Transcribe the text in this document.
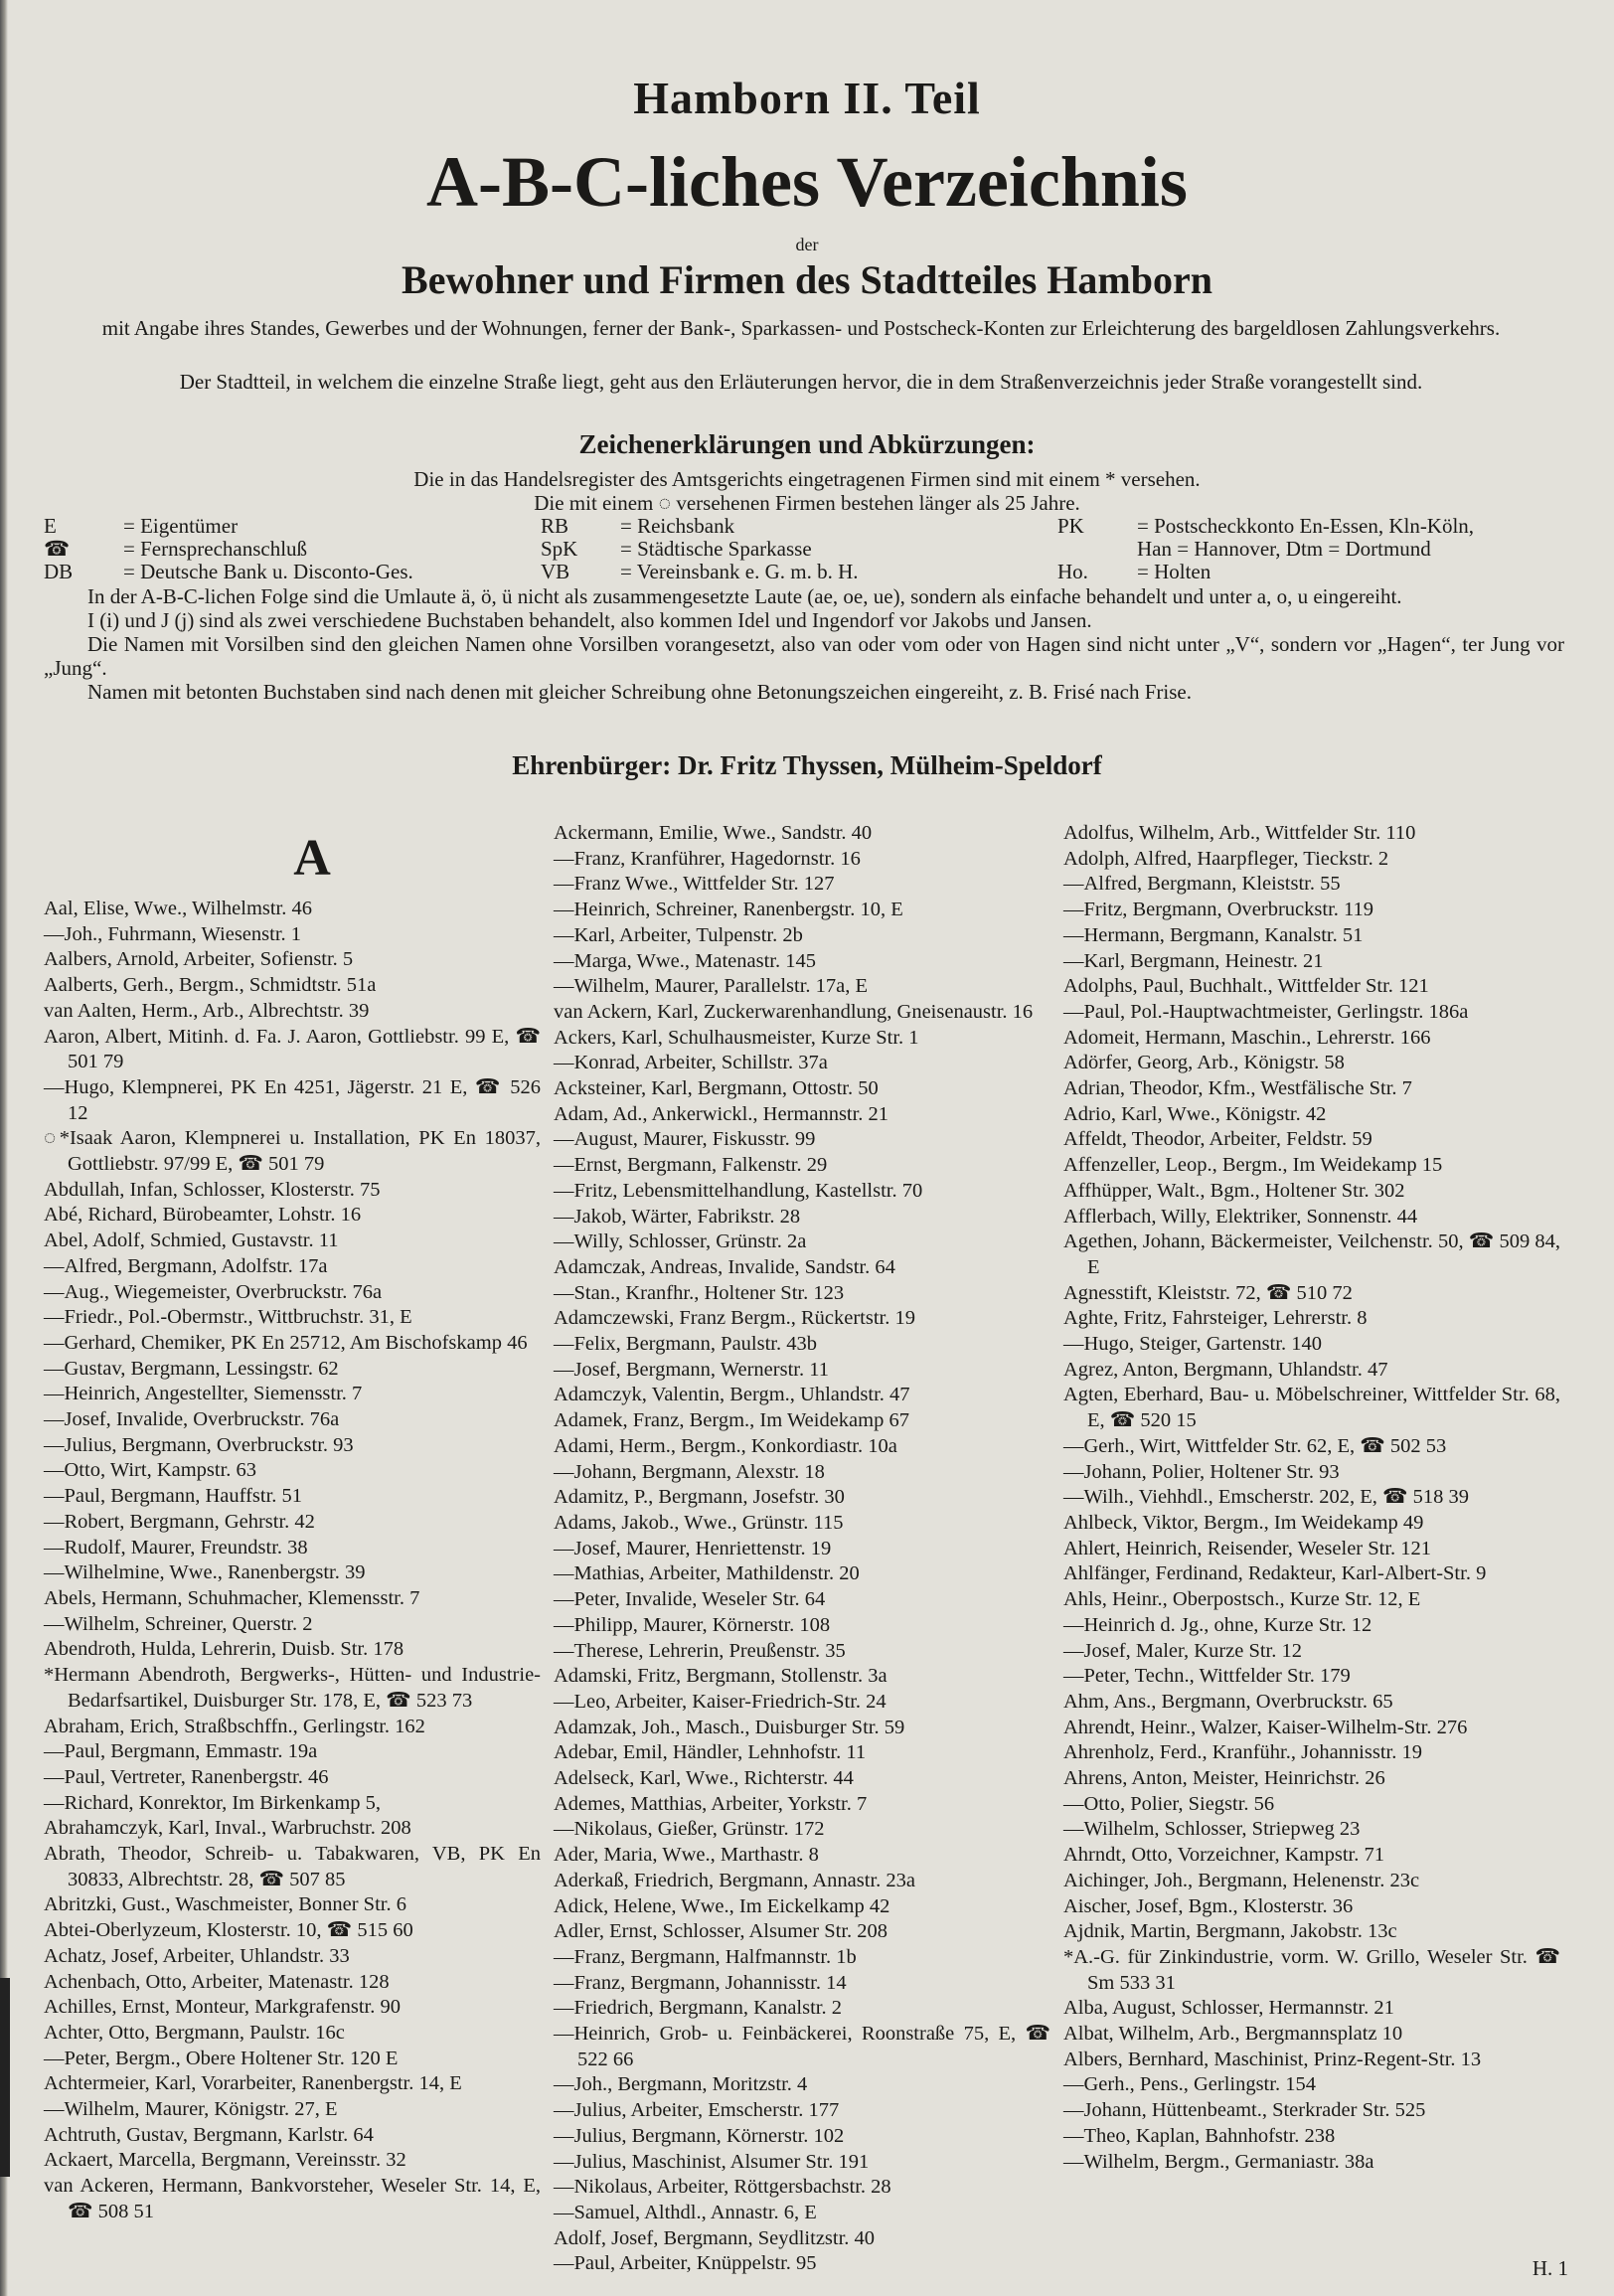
Hamborn II. Teil
A-B-C-liches Verzeichnis
der
Bewohner und Firmen des Stadtteiles Hamborn
mit Angabe ihres Standes, Gewerbes und der Wohnungen, ferner der Bank-, Sparkassen- und Postscheck-Konten zur Erleichterung des bargeldlosen Zahlungsverkehrs.
Der Stadtteil, in welchem die einzelne Straße liegt, geht aus den Erläuterungen hervor, die in dem Straßenverzeichnis jeder Straße vorangestellt sind.
Zeichenerklärungen und Abkürzungen:
Die in das Handelsregister des Amtsgerichts eingetragenen Firmen sind mit einem * versehen.
Die mit einem ◌ versehenen Firmen bestehen länger als 25 Jahre.
E	= Eigentümer	RB = Reichsbank	PK	= Postscheckkonto En-Essen, Kln-Köln,
☎	= Fernsprechanschluß	SpK = Städtische Sparkasse	Han = Hannover, Dtm = Dortmund
DB = Deutsche Bank u. Disconto-Ges.	VB = Vereinsbank e. G. m. b. H.	Ho. = Holten
In der A-B-C-lichen Folge sind die Umlaute ä, ö, ü nicht als zusammengesetzte Laute (ae, oe, ue), sondern als einfache behandelt und unter a, o, u eingereiht.
I (i) und J (j) sind als zwei verschiedene Buchstaben behandelt, also kommen Idel und Ingendorf vor Jakobs und Jansen.
Die Namen mit Vorsilben sind den gleichen Namen ohne Vorsilben vorangesetzt, also van oder vom oder von Hagen sind nicht unter „V“, sondern vor „Hagen“, ter Jung vor „Jung“.
Namen mit betonten Buchstaben sind nach denen mit gleicher Schreibung ohne Betonungszeichen eingereiht, z. B. Frisé nach Frise.
Ehrenbürger: Dr. Fritz Thyssen, Mülheim-Speldorf
A
Aal, Elise, Wwe., Wilhelmstr. 46
—Joh., Fuhrmann, Wiesenstr. 1
Aalbers, Arnold, Arbeiter, Sofienstr. 5
Aalberts, Gerh., Bergm., Schmidtstr. 51a
van Aalten, Herm., Arb., Albrechtstr. 39
Aaron, Albert, Mitinh. d. Fa. J. Aaron, Gottliebstr. 99 E, ☎ 501 79
—Hugo, Klempnerei, PK En 4251, Jägerstr. 21 E, ☎ 526 12
◌*Isaak Aaron, Klempnerei u. Installation, PK En 18037, Gottliebstr. 97/99 E, ☎ 501 79
Abdullah, Infan, Schlosser, Klosterstr. 75
Abé, Richard, Bürobeamter, Lohstr. 16
Abel, Adolf, Schmied, Gustavstr. 11
—Alfred, Bergmann, Adolfstr. 17a
—Aug., Wiegemeister, Overbruckstr. 76a
—Friedr., Pol.-Obermstr., Wittbruchstr. 31, E
—Gerhard, Chemiker, PK En 25712, Am Bischofskamp 46
—Gustav, Bergmann, Lessingstr. 62
—Heinrich, Angestellter, Siemensstr. 7
—Josef, Invalide, Overbruckstr. 76a
—Julius, Bergmann, Overbruckstr. 93
—Otto, Wirt, Kampstr. 63
—Paul, Bergmann, Hauffstr. 51
—Robert, Bergmann, Gehrstr. 42
—Rudolf, Maurer, Freundstr. 38
—Wilhelmine, Wwe., Ranenbergstr. 39
Abels, Hermann, Schuhmacher, Klemensstr. 7
—Wilhelm, Schreiner, Querstr. 2
Abendroth, Hulda, Lehrerin, Duisb. Str. 178
*Hermann Abendroth, Bergwerks-, Hütten- und Industrie-Bedarfsartikel, Duisburger Str. 178, E, ☎ 523 73
Abraham, Erich, Straßbschffn., Gerlingstr. 162
—Paul, Bergmann, Emmastr. 19a
—Paul, Vertreter, Ranenbergstr. 46
—Richard, Konrektor, Im Birkenkamp 5,
Abrahamczyk, Karl, Inval., Warbruchstr. 208
Abrath, Theodor, Schreib- u. Tabakwaren, VB, PK En 30833, Albrechtstr. 28, ☎ 507 85
Abritzki, Gust., Waschmeister, Bonner Str. 6
Abtei-Oberlyzeum, Klosterstr. 10, ☎ 515 60
Achatz, Josef, Arbeiter, Uhlandstr. 33
Achenbach, Otto, Arbeiter, Matenastr. 128
Achilles, Ernst, Monteur, Markgrafenstr. 90
Achter, Otto, Bergmann, Paulstr. 16c
—Peter, Bergm., Obere Holtener Str. 120 E
Achtermeier, Karl, Vorarbeiter, Ranenbergstr. 14, E
—Wilhelm, Maurer, Königstr. 27, E
Achtruth, Gustav, Bergmann, Karlstr. 64
Ackaert, Marcella, Bergmann, Vereinsstr. 32
van Ackeren, Hermann, Bankvorsteher, Weseler Str. 14, E, ☎ 508 51
Ackermann, Emilie, Wwe., Sandstr. 40
—Franz, Kranführer, Hagedornstr. 16
—Franz Wwe., Wittfelder Str. 127
—Heinrich, Schreiner, Ranenbergstr. 10, E
—Karl, Arbeiter, Tulpenstr. 2b
—Marga, Wwe., Matenastr. 145
—Wilhelm, Maurer, Parallelstr. 17a, E
van Ackern, Karl, Zuckerwarenhandlung, Gneisenaustr. 16
Ackers, Karl, Schulhausmeister, Kurze Str. 1
—Konrad, Arbeiter, Schillstr. 37a
Acksteiner, Karl, Bergmann, Ottostr. 50
Adam, Ad., Ankerwickl., Hermannstr. 21
—August, Maurer, Fiskusstr. 99
—Ernst, Bergmann, Falkenstr. 29
—Fritz, Lebensmittelhandlung, Kastellstr. 70
—Jakob, Wärter, Fabrikstr. 28
—Willy, Schlosser, Grünstr. 2a
Adamczak, Andreas, Invalide, Sandstr. 64
—Stan., Kranfhr., Holtener Str. 123
Adamczewski, Franz Bergm., Rückertstr. 19
—Felix, Bergmann, Paulstr. 43b
—Josef, Bergmann, Wernerstr. 11
Adamczyk, Valentin, Bergm., Uhlandstr. 47
Adamek, Franz, Bergm., Im Weidekamp 67
Adami, Herm., Bergm., Konkordiastr. 10a
—Johann, Bergmann, Alexstr. 18
Adamitz, P., Bergmann, Josefstr. 30
Adams, Jakob., Wwe., Grünstr. 115
—Josef, Maurer, Henriettenstr. 19
—Mathias, Arbeiter, Mathildenstr. 20
—Peter, Invalide, Weseler Str. 64
—Philipp, Maurer, Körnerstr. 108
—Therese, Lehrerin, Preußenstr. 35
Adamski, Fritz, Bergmann, Stollenstr. 3a
—Leo, Arbeiter, Kaiser-Friedrich-Str. 24
Adamzak, Joh., Masch., Duisburger Str. 59
Adebar, Emil, Händler, Lehnhofstr. 11
Adelseck, Karl, Wwe., Richterstr. 44
Ademes, Matthias, Arbeiter, Yorkstr. 7
—Nikolaus, Gießer, Grünstr. 172
Ader, Maria, Wwe., Marthastr. 8
Aderkaß, Friedrich, Bergmann, Annastr. 23a
Adick, Helene, Wwe., Im Eickelkamp 42
Adler, Ernst, Schlosser, Alsumer Str. 208
—Franz, Bergmann, Halfmannstr. 1b
—Franz, Bergmann, Johannisstr. 14
—Friedrich, Bergmann, Kanalstr. 2
—Heinrich, Grob- u. Feinbäckerei, Roonstraße 75, E, ☎ 522 66
—Joh., Bergmann, Moritzstr. 4
—Julius, Arbeiter, Emscherstr. 177
—Julius, Bergmann, Körnerstr. 102
—Julius, Maschinist, Alsumer Str. 191
—Nikolaus, Arbeiter, Röttgersbachstr. 28
—Samuel, Althdl., Annastr. 6, E
Adolf, Josef, Bergmann, Seydlitzstr. 40
—Paul, Arbeiter, Knüppelstr. 95
Adolfus, Wilhelm, Arb., Wittfelder Str. 110
Adolph, Alfred, Haarpfleger, Tieckstr. 2
—Alfred, Bergmann, Kleiststr. 55
—Fritz, Bergmann, Overbruckstr. 119
—Hermann, Bergmann, Kanalstr. 51
—Karl, Bergmann, Heinestr. 21
Adolphs, Paul, Buchhalt., Wittfelder Str. 121
—Paul, Pol.-Hauptwachtmeister, Gerlingstr. 186a
Adomeit, Hermann, Maschin., Lehrerstr. 166
Adörfer, Georg, Arb., Königstr. 58
Adrian, Theodor, Kfm., Westfälische Str. 7
Adrio, Karl, Wwe., Königstr. 42
Affeldt, Theodor, Arbeiter, Feldstr. 59
Affenzeller, Leop., Bergm., Im Weidekamp 15
Affhüpper, Walt., Bgm., Holtener Str. 302
Afflerbach, Willy, Elektriker, Sonnenstr. 44
Agethen, Johann, Bäckermeister, Veilchenstr. 50, ☎ 509 84, E
Agnesstift, Kleiststr. 72, ☎ 510 72
Aghte, Fritz, Fahrsteiger, Lehrerstr. 8
—Hugo, Steiger, Gartenstr. 140
Agrez, Anton, Bergmann, Uhlandstr. 47
Agten, Eberhard, Bau- u. Möbelschreiner, Wittfelder Str. 68, E, ☎ 520 15
—Gerh., Wirt, Wittfelder Str. 62, E, ☎ 502 53
—Johann, Polier, Holtener Str. 93
—Wilh., Viehhdl., Emscherstr. 202, E, ☎ 518 39
Ahlbeck, Viktor, Bergm., Im Weidekamp 49
Ahlert, Heinrich, Reisender, Weseler Str. 121
Ahlfänger, Ferdinand, Redakteur, Karl-Albert-Str. 9
Ahls, Heinr., Oberpostsch., Kurze Str. 12, E
—Heinrich d. Jg., ohne, Kurze Str. 12
—Josef, Maler, Kurze Str. 12
—Peter, Techn., Wittfelder Str. 179
Ahm, Ans., Bergmann, Overbruckstr. 65
Ahrendt, Heinr., Walzer, Kaiser-Wilhelm-Str. 276
Ahrenholz, Ferd., Kranführ., Johannisstr. 19
Ahrens, Anton, Meister, Heinrichstr. 26
—Otto, Polier, Siegstr. 56
—Wilhelm, Schlosser, Striepweg 23
Ahrndt, Otto, Vorzeichner, Kampstr. 71
Aichinger, Joh., Bergmann, Helenenstr. 23c
Aischer, Josef, Bgm., Klosterstr. 36
Ajdnik, Martin, Bergmann, Jakobstr. 13c
*A.-G. für Zinkindustrie, vorm. W. Grillo, Weseler Str. ☎ Sm 533 31
Alba, August, Schlosser, Hermannstr. 21
Albat, Wilhelm, Arb., Bergmannsplatz 10
Albers, Bernhard, Maschinist, Prinz-Regent-Str. 13
—Gerh., Pens., Gerlingstr. 154
—Johann, Hüttenbeamt., Sterkrader Str. 525
—Theo, Kaplan, Bahnhofstr. 238
—Wilhelm, Bergm., Germaniastr. 38a
H. 1
